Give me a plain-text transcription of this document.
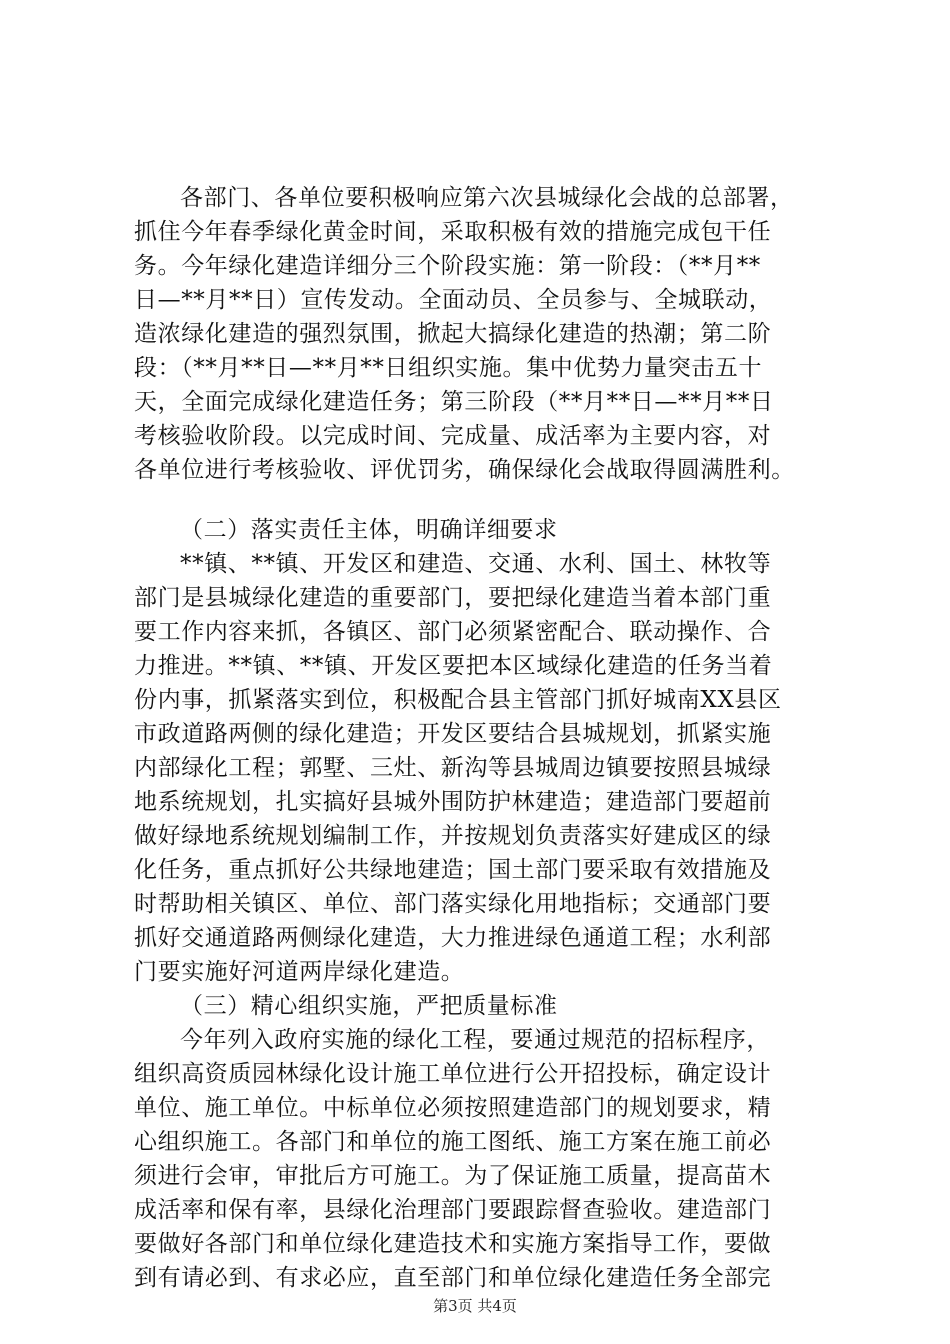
各部门、各单位要积极响应第六次县城绿化会战的总部署，
抓住今年春季绿化黄金时间，采取积极有效的措施完成包干任
务。今年绿化建造详细分三个阶段实施：第一阶段：（**月**
日—**月**日）宣传发动。全面动员、全员参与、全城联动，
造浓绿化建造的强烈氛围，掀起大搞绿化建造的热潮；第二阶
段：（**月**日—**月**日组织实施。集中优势力量突击五十
天，全面完成绿化建造任务；第三阶段（**月**日—**月**日
考核验收阶段。以完成时间、完成量、成活率为主要内容，对
各单位进行考核验收、评优罚劣，确保绿化会战取得圆满胜利。
（二）落实责任主体，明确详细要求
**镇、**镇、开发区和建造、交通、水利、国土、林牧等
部门是县城绿化建造的重要部门，要把绿化建造当着本部门重
要工作内容来抓，各镇区、部门必须紧密配合、联动操作、合
力推进。**镇、**镇、开发区要把本区域绿化建造的任务当着
份内事，抓紧落实到位，积极配合县主管部门抓好城南XX县区
市政道路两侧的绿化建造；开发区要结合县城规划，抓紧实施
内部绿化工程；郭墅、三灶、新沟等县城周边镇要按照县城绿
地系统规划，扎实搞好县城外围防护林建造；建造部门要超前
做好绿地系统规划编制工作，并按规划负责落实好建成区的绿
化任务，重点抓好公共绿地建造；国土部门要采取有效措施及
时帮助相关镇区、单位、部门落实绿化用地指标；交通部门要
抓好交通道路两侧绿化建造，大力推进绿色通道工程；水利部
门要实施好河道两岸绿化建造。
（三）精心组织实施，严把质量标准
今年列入政府实施的绿化工程，要通过规范的招标程序，
组织高资质园林绿化设计施工单位进行公开招投标，确定设计
单位、施工单位。中标单位必须按照建造部门的规划要求，精
心组织施工。各部门和单位的施工图纸、施工方案在施工前必
须进行会审，审批后方可施工。为了保证施工质量，提高苗木
成活率和保有率，县绿化治理部门要跟踪督查验收。建造部门
要做好各部门和单位绿化建造技术和实施方案指导工作，要做
到有请必到、有求必应，直至部门和单位绿化建造任务全部完
第3页 共4页
